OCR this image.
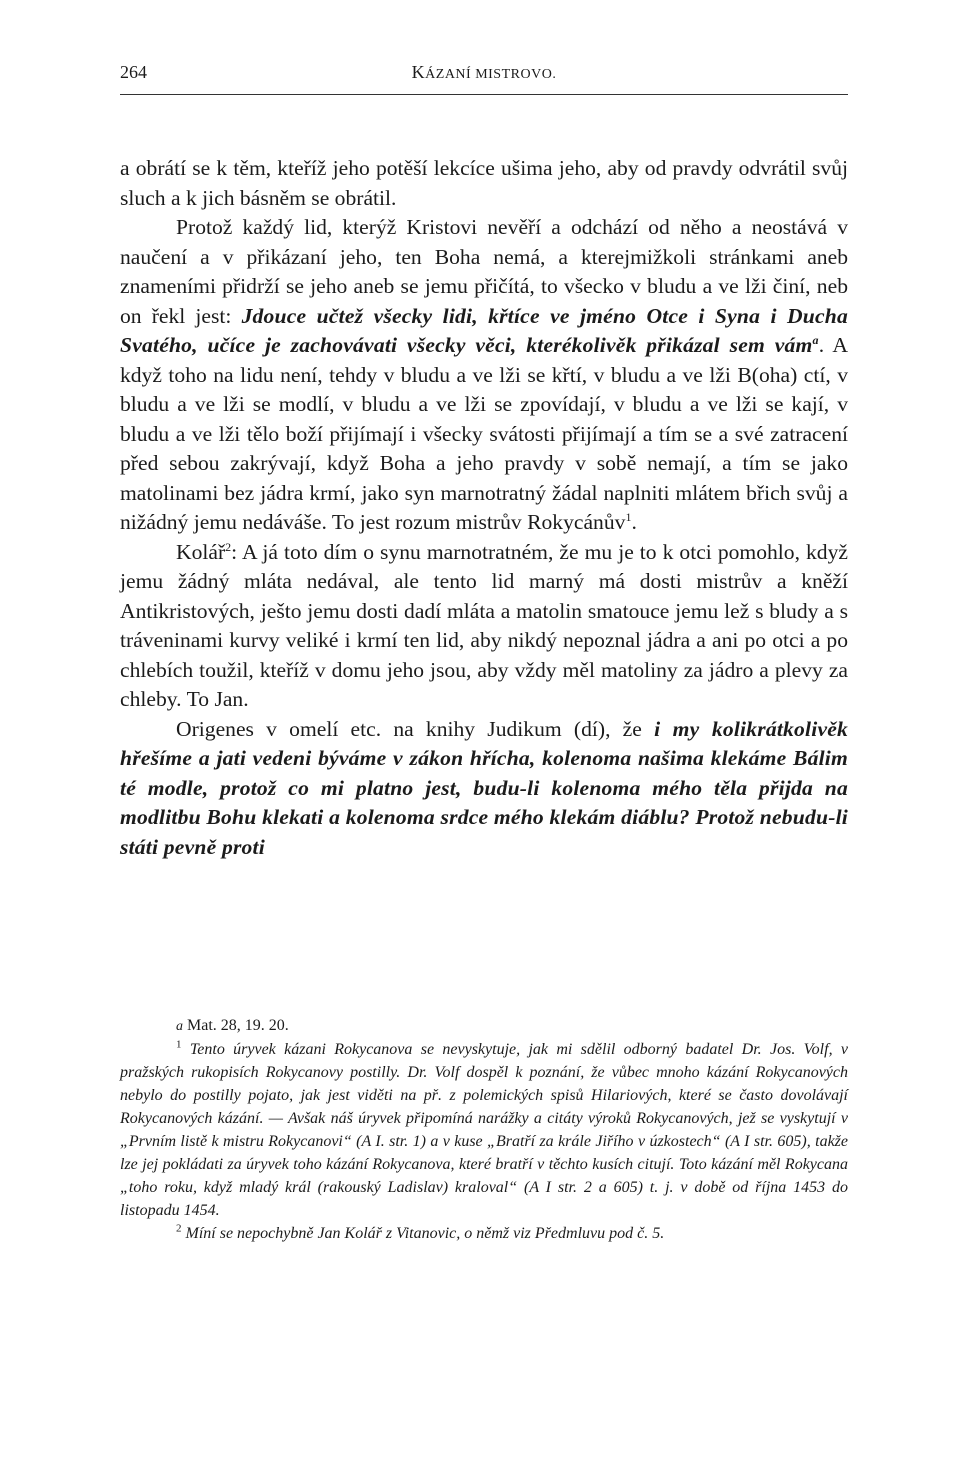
264	KÁZANÍ MISTROVO.

a obrátí se k těm, kteříž jeho potěší lekcíce ušima jeho, aby od pravdy odvrátil svůj sluch a k jich básněm se obrátil.

Protož každý lid, kterýž Kristovi nevěří a odchází od něho a neostává v naučení a v přikázaní jeho, ten Boha nemá, a kterejmižkoli stránkami aneb znameními přidrží se jeho aneb se jemu přičítá, to všecko v bludu a ve lži činí, neb on řekl jest: Jdouce učtež všecky lidi, křtíce ve jméno Otce i Syna i Ducha Svatého, učíce je zachovávati všecky věci, kterékolivěk přikázal sem vám$^a$. A když toho na lidu není, tehdy v bludu a ve lži se křtí, v bludu a ve lži B(oha) ctí, v bludu a ve lži se modlí, v bludu a ve lži se zpovídají, v bludu a ve lži se kají, v bludu a ve lži tělo boží přijímají i všecky svátosti přijímají a tím se a své zatracení před sebou zakrývají, když Boha a jeho pravdy v sobě nemají, a tím se jako matolinami bez jádra krmí, jako syn marnotratný žádal naplniti mlátem břich svůj a nižádný jemu nedáváše. To jest rozum mistrův Rokycánův$^1$.

Kolář$^2$: A já toto dím o synu marnotratném, že mu je to k otci pomohlo, když jemu žádný mláta nedával, ale tento lid marný má dosti mistrův a kněží Antikristových, ješto jemu dosti dadí mláta a matolin smatouce jemu lež s bludy a s tráveninami kurvy veliké i krmí ten lid, aby nikdý nepoznal jádra a ani po otci a po chlebích toužil, kteříž v domu jeho jsou, aby vždy měl matoliny za jádro a plevy za chleby. To Jan.

Origenes v omelí etc. na knihy Judikum (dí), že i my kolikrátkolivěk hřešíme a jati vedeni býváme v zákon hřícha, kolenoma našima klekáme Bálim té modle, protož co mi platno jest, budu-li kolenoma mého těla přijda na modlitbu Bohu klekati a kolenoma srdce mého klekám diáblu? Protož nebudu-li státi pevně proti

a Mat. 28, 19. 20.

$^1$ Tento úryvek kázani Rokycanova se nevyskytuje, jak mi sdělil odborný badatel Dr. Jos. Volf, v pražských rukopisích Rokycanovy postilly. Dr. Volf dospěl k poznání, že vůbec mnoho kázání Rokycanových nebylo do postilly pojato, jak jest viděti na př. z polemických spisů Hilariových, které se často dovolávají Rokycanových kázání. — Avšak náš úryvek připomíná narážky a citáty výroků Rokycanových, jež se vyskytují v „Prvním listě k mistru Rokycanovi“ (A I. str. 1) a v kuse „Bratří za krále Jiřího v úzkostech“ (A I str. 605), takže lze jej pokládati za úryvek toho kázání Rokycanova, které bratří v těchto kusích citují. Toto kázání měl Rokycana „toho roku, když mladý král (rakouský Ladislav) kraloval“ (A I str. 2 a 605) t. j. v době od října 1453 do listopadu 1454.

$^2$ Míní se nepochybně Jan Kolář z Vitanovic, o němž viz Předmluvu pod č. 5.
